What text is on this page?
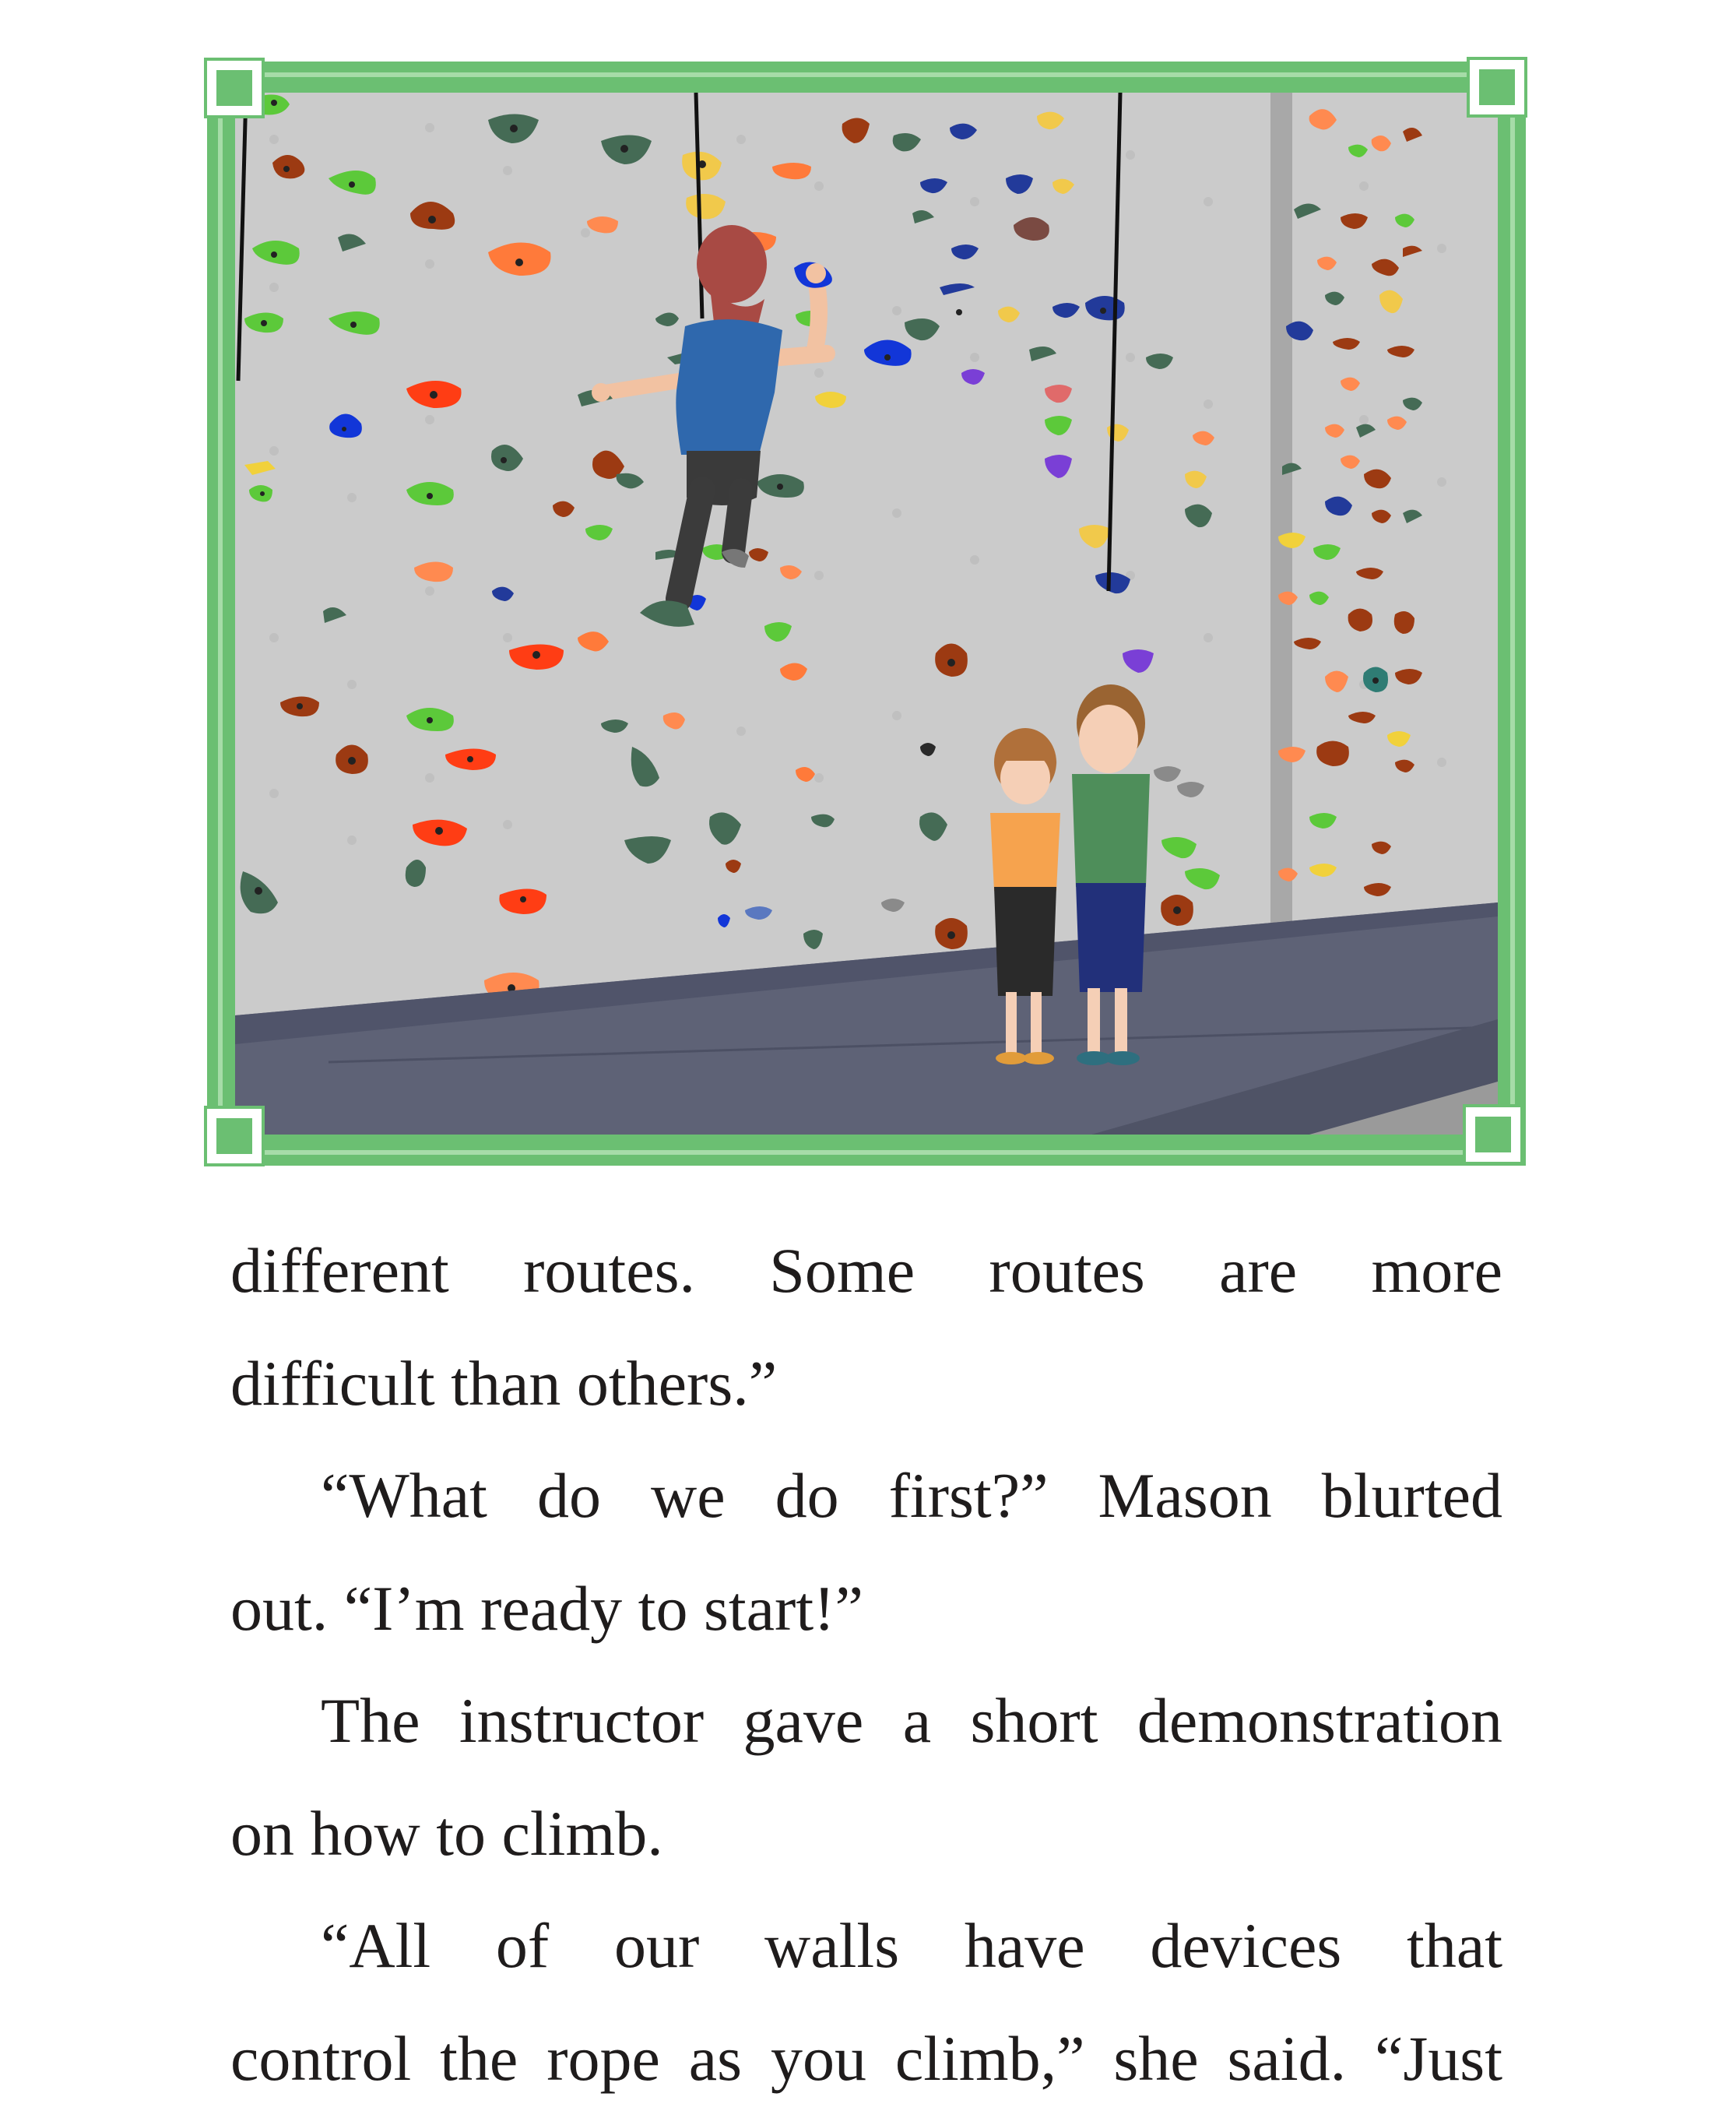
different routes. Some routes are more
difficult than others.”
“What do we do first?” Mason blurted
out. “I’m ready to start!”
The instructor gave a short demonstration
on how to climb.
“All of our walls have devices that
control the rope as you climb,” she said. “Just
